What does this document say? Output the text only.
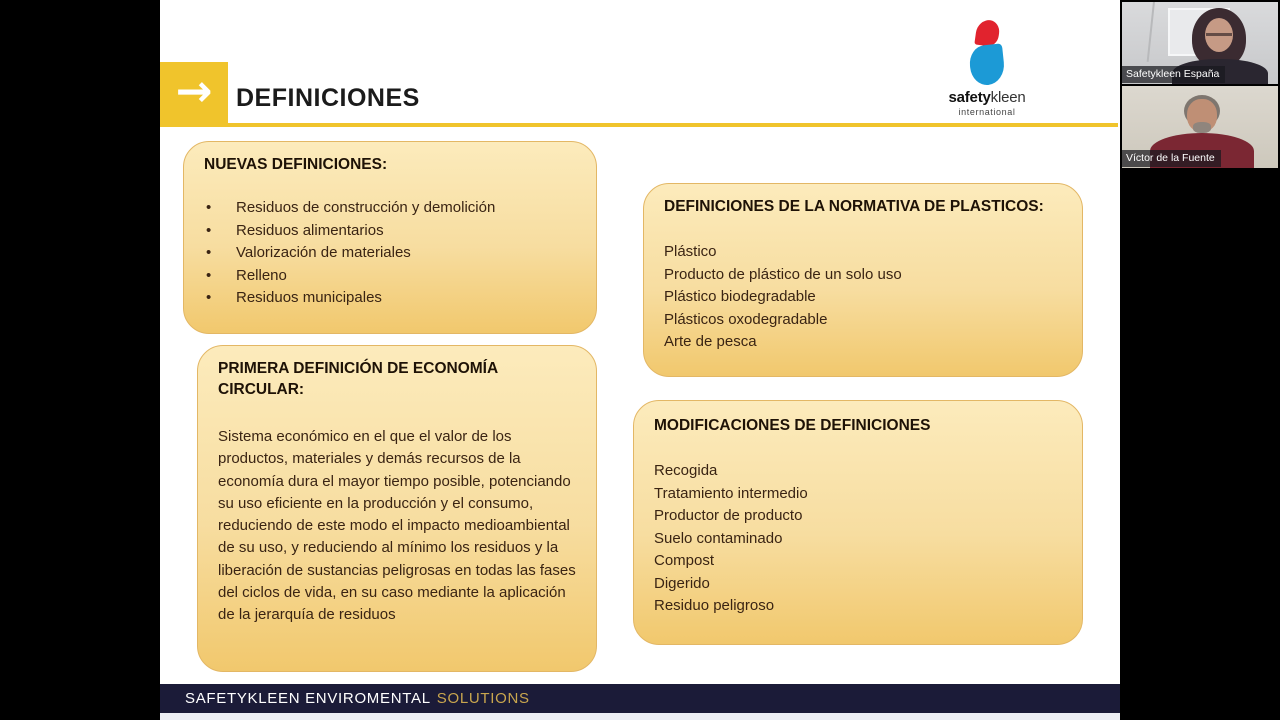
→ DEFINICIONES	safetykleen
international
NUEVAS DEFINICIONES:
•	Residuos de construcción y demolición
•	Residuos alimentarios
•	Valorización de materiales
•	Relleno
•	Residuos municipales
PRIMERA DEFINICIÓN DE ECONOMÍA CIRCULAR:

Sistema económico en el que el valor de los productos, materiales y demás recursos de la economía dura el mayor tiempo posible, potenciando su uso eficiente en la producción y el consumo, reduciendo de este modo el impacto medioambiental de su uso, y reduciendo al mínimo los residuos y la liberación de sustancias peligrosas en todas las fases del ciclos de vida, en su caso mediante la aplicación de la jerarquía de residuos

DEFINICIONES DE LA NORMATIVA DE PLASTICOS:
Plástico
Producto de plástico de un solo uso
Plástico biodegradable
Plásticos oxodegradable
Arte de pesca
MODIFICACIONES DE DEFINICIONES
Recogida
Tratamiento intermedio
Productor de producto
Suelo contaminado
Compost
Digerido
Residuo peligroso
SAFETYKLEEN ENVIROMENTAL SOLUTIONS
Safetykleen España
Víctor de la Fuente
